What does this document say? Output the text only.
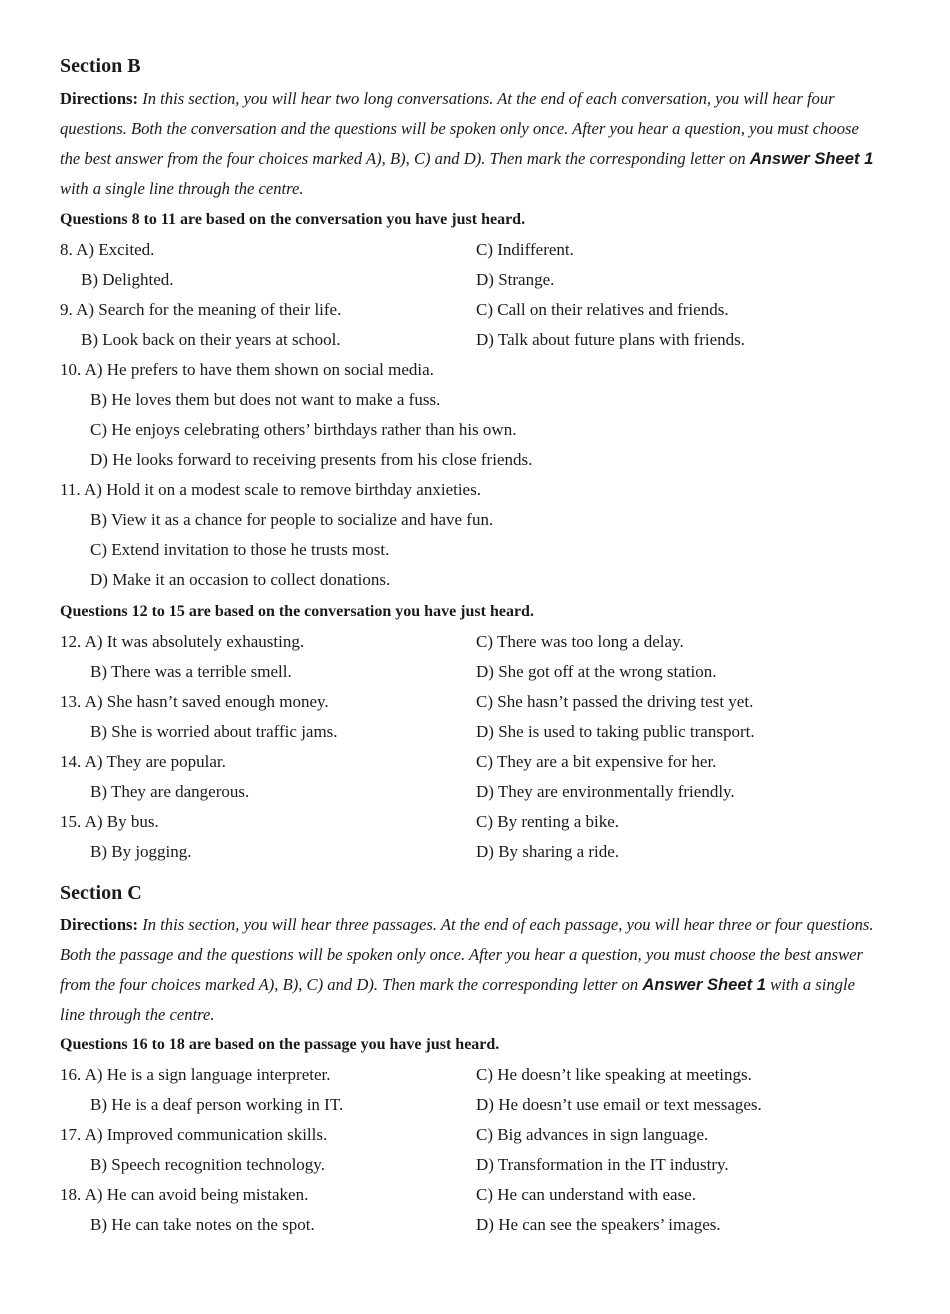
Section B
Directions: In this section, you will hear two long conversations. At the end of each conversation, you will hear four questions. Both the conversation and the questions will be spoken only once. After you hear a question, you must choose the best answer from the four choices marked A), B), C) and D). Then mark the corresponding letter on Answer Sheet 1 with a single line through the centre.
Questions 8 to 11 are based on the conversation you have just heard.
8. A) Excited.	C) Indifferent.
B) Delighted.	D) Strange.
9. A) Search for the meaning of their life.	C) Call on their relatives and friends.
B) Look back on their years at school.	D) Talk about future plans with friends.
10. A) He prefers to have them shown on social media.
B) He loves them but does not want to make a fuss.
C) He enjoys celebrating others’ birthdays rather than his own.
D) He looks forward to receiving presents from his close friends.
11. A) Hold it on a modest scale to remove birthday anxieties.
B) View it as a chance for people to socialize and have fun.
C) Extend invitation to those he trusts most.
D) Make it an occasion to collect donations.
Questions 12 to 15 are based on the conversation you have just heard.
12. A) It was absolutely exhausting.	C) There was too long a delay.
B) There was a terrible smell.	D) She got off at the wrong station.
13. A) She hasn’t saved enough money.	C) She hasn’t passed the driving test yet.
B) She is worried about traffic jams.	D) She is used to taking public transport.
14. A) They are popular.	C) They are a bit expensive for her.
B) They are dangerous.	D) They are environmentally friendly.
15. A) By bus.	C) By renting a bike.
B) By jogging.	D) By sharing a ride.
Section C
Directions: In this section, you will hear three passages. At the end of each passage, you will hear three or four questions. Both the passage and the questions will be spoken only once. After you hear a question, you must choose the best answer from the four choices marked A), B), C) and D). Then mark the corresponding letter on Answer Sheet 1 with a single line through the centre.
Questions 16 to 18 are based on the passage you have just heard.
16. A) He is a sign language interpreter.	C) He doesn’t like speaking at meetings.
B) He is a deaf person working in IT.	D) He doesn’t use email or text messages.
17. A) Improved communication skills.	C) Big advances in sign language.
B) Speech recognition technology.	D) Transformation in the IT industry.
18. A) He can avoid being mistaken.	C) He can understand with ease.
B) He can take notes on the spot.	D) He can see the speakers’ images.
